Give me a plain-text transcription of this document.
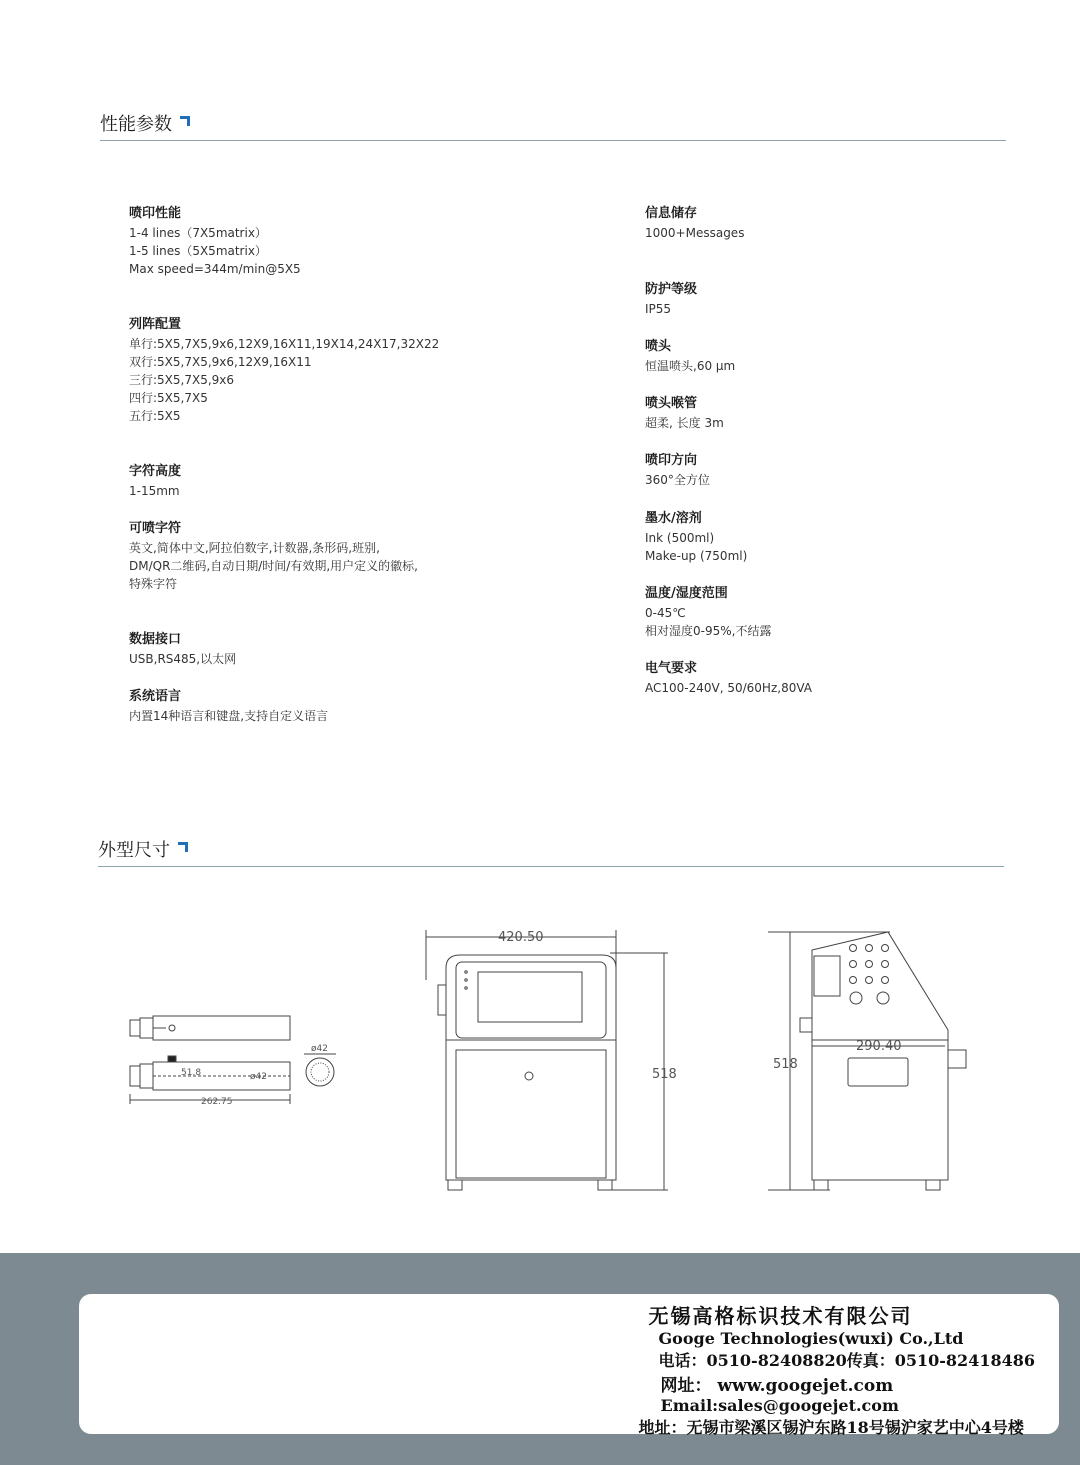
性能参数
喷印性能
1-4 lines（7X5matrix）
1-5 lines（5X5matrix）
Max speed=344m/min@5X5
列阵配置
单行:5X5,7X5,9x6,12X9,16X11,19X14,24X17,32X22
双行:5X5,7X5,9x6,12X9,16X11
三行:5X5,7X5,9x6
四行:5X5,7X5
五行:5X5
字符高度
1-15mm
可喷字符
英文,简体中文,阿拉伯数字,计数器,条形码,班别,
DM/QR二维码,自动日期/时间/有效期,用户定义的徽标,
特殊字符
数据接口
USB,RS485,以太网
系统语言
内置14种语言和键盘,支持自定义语言
信息储存
1000+Messages
防护等级
IP55
喷头
恒温喷头,60 μm
喷头喉管
超柔, 长度 3m
喷印方向
360°全方位
墨水/溶剂
Ink (500ml)
Make-up (750ml)
温度/湿度范围
0-45℃
相对湿度0-95%,不结露
电气要求
AC100-240V, 50/60Hz,80VA
外型尺寸
262.75
51.8	ø42
ø42
420.50
518
290.40
518
无锡高格标识技术有限公司
Googe Technologies(wuxi) Co.,Ltd
电话：0510-82408820传真：0510-82418486
网址： www.googejet.com
Email:sales@googejet.com
地址：无锡市梁溪区锡沪东路18号锡沪家艺中心4号楼
